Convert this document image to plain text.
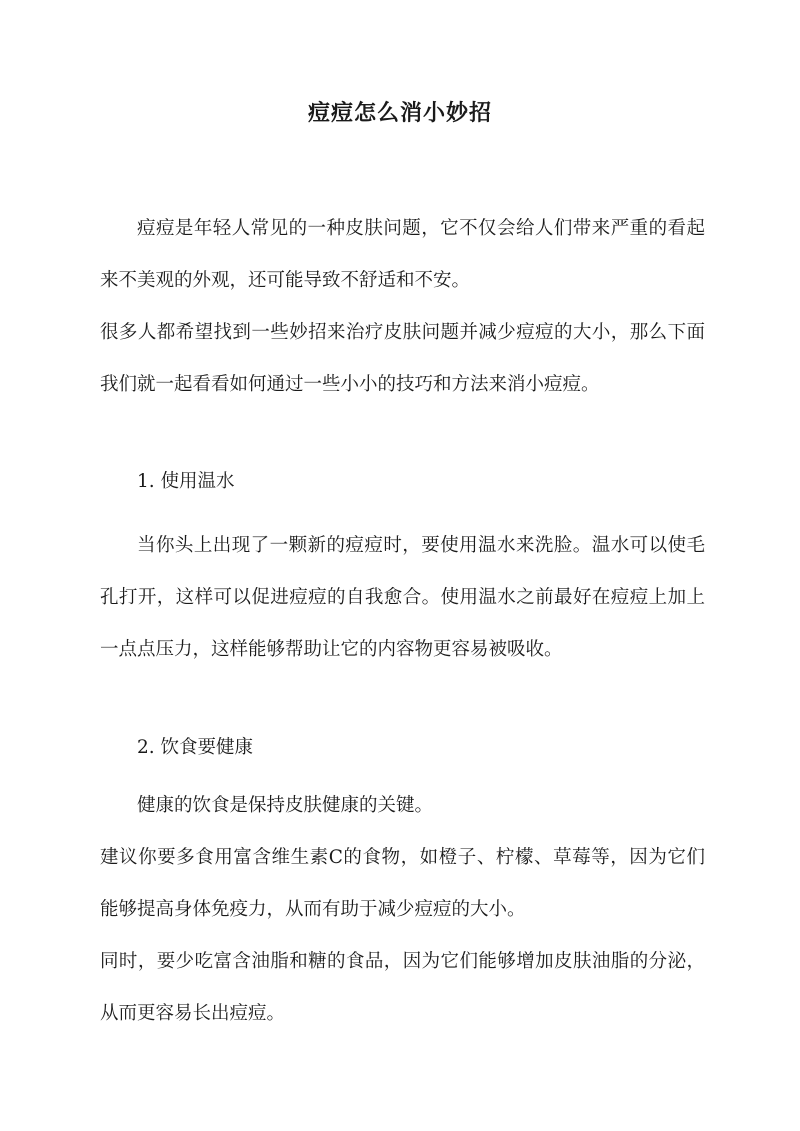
痘痘怎么消小妙招
痘痘是年轻人常见的一种皮肤问题，它不仅会给人们带来严重的看起
来不美观的外观，还可能导致不舒适和不安。
很多人都希望找到一些妙招来治疗皮肤问题并减少痘痘的大小，那么下面
我们就一起看看如何通过一些小小的技巧和方法来消小痘痘。
1. 使用温水
当你头上出现了一颗新的痘痘时，要使用温水来洗脸。温水可以使毛
孔打开，这样可以促进痘痘的自我愈合。使用温水之前最好在痘痘上加上
一点点压力，这样能够帮助让它的内容物更容易被吸收。
2. 饮食要健康
健康的饮食是保持皮肤健康的关键。
建议你要多食用富含维生素C的食物，如橙子、柠檬、草莓等，因为它们
能够提高身体免疫力，从而有助于减少痘痘的大小。
同时，要少吃富含油脂和糖的食品，因为它们能够增加皮肤油脂的分泌，
从而更容易长出痘痘。
